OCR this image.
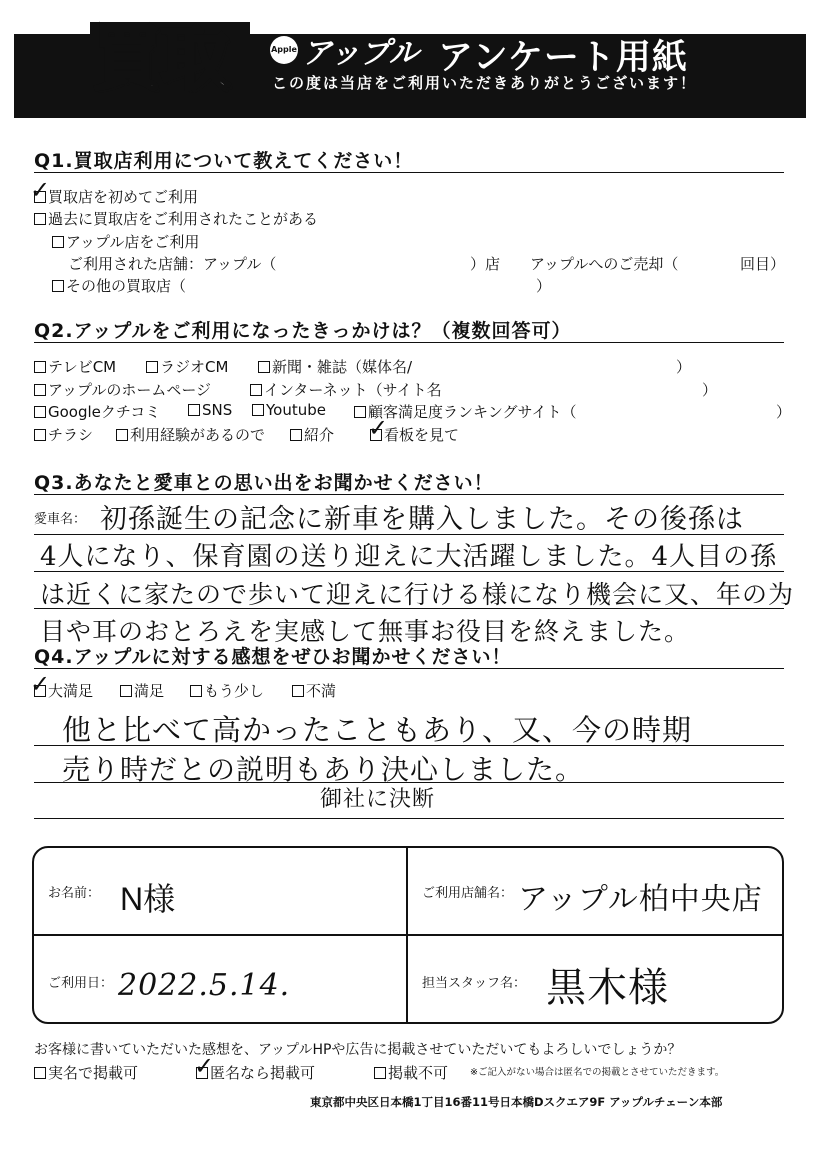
買取	Apple アップル アンケート用紙
この度は当店をご利用いただきありがとうございます！
Q1.買取店利用について教えてください！
買取店を初めてご利用
✓
過去に買取店をご利用されたことがある
アップル店をご利用
ご利用された店舗：アップル（	）店 アップルへのご売却（	回目）
その他の買取店（	）
Q2.アップルをご利用になったきっかけは？（複数回答可）
テレビCM	ラジオCM	新聞・雑誌（媒体名/	）
アップルのホームページ	インターネット（サイト名	）
Googleクチコミ	SNS	Youtube	顧客満足度ランキングサイト（	）
チラシ	利用経験があるので	紹介	看板を見て
✓
Q3.あなたと愛車との思い出をお聞かせください！
愛車名： 初孫誕生の記念に新車を購入しました。その後孫は
4人になり、保育園の送り迎えに大活躍しました。4人目の孫
は近くに家たので歩いて迎えに行ける様になり機会に又、年の为
目や耳のおとろえを実感して無事お役目を終えました。
Q4.アップルに対する感想をぜひお聞かせください！
大満足
✓	満足	もう少し	不満
他と比べて高かったこともあり、又、今の時期
売り時だとの説明もあり決心しました。
御社に決断
お名前： N様	ご利用店舗名： アップル柏中央店
ご利用日： 2022.5.14.	担当スタッフ名： 黒木様
お客様に書いていただいた感想を、アップルHPや広告に掲載させていただいてもよろしいでしょうか？
実名で掲載可	匿名なら掲載可
✓	掲載不可 ※ご記入がない場合は匿名での掲載とさせていただきます。
東京都中央区日本橋1丁目16番11号日本橋Dスクエア9F アップルチェーン本部
